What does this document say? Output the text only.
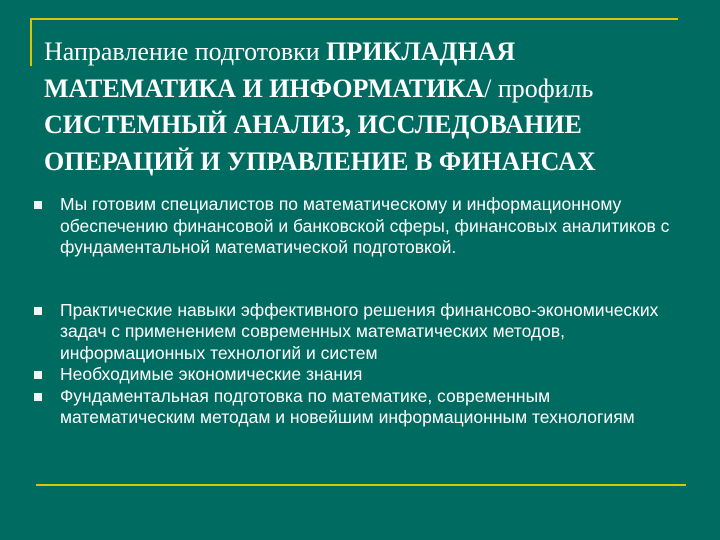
Направление подготовки ПРИКЛАДНАЯ МАТЕМАТИКА И ИНФОРМАТИКА/ профиль СИСТЕМНЫЙ АНАЛИЗ, ИССЛЕДОВАНИЕ ОПЕРАЦИЙ И УПРАВЛЕНИЕ В ФИНАНСАХ
Мы готовим специалистов по математическому и информационному обеспечению финансовой и банковской сферы, финансовых аналитиков с фундаментальной математической подготовкой.
Практические навыки эффективного решения финансово-экономических задач с применением современных математических методов, информационных технологий и систем
Необходимые экономические знания
Фундаментальная подготовка по математике, современным математическим методам и новейшим информационным технологиям
